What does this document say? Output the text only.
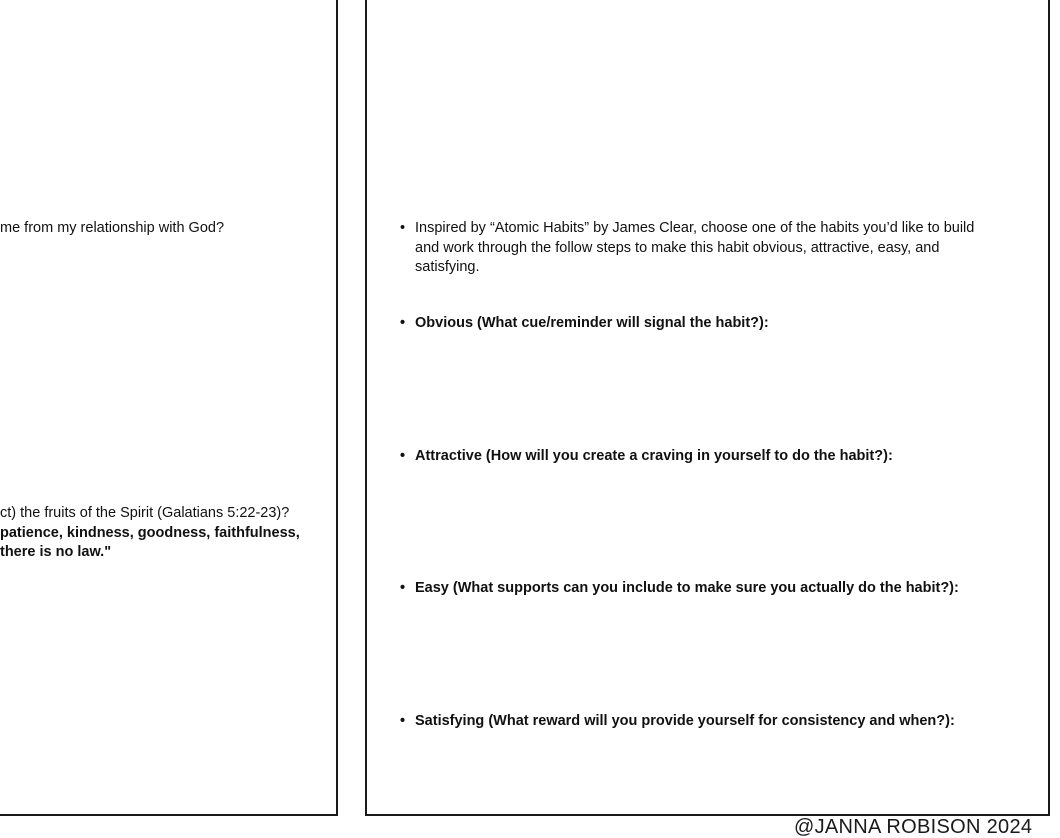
me from my relationship with God?
ct) the fruits of the Spirit (Galatians 5:22-23)?
patience, kindness, goodness, faithfulness,
there is no law."
• Inspired by “Atomic Habits” by James Clear, choose one of the habits you’d like to build and work through the follow steps to make this habit obvious, attractive, easy, and satisfying.
• Obvious (What cue/reminder will signal the habit?):
• Attractive (How will you create a craving in yourself to do the habit?):
• Easy (What supports can you include to make sure you actually do the habit?):
• Satisfying (What reward will you provide yourself for consistency and when?):
@JANNA ROBISON 2024
